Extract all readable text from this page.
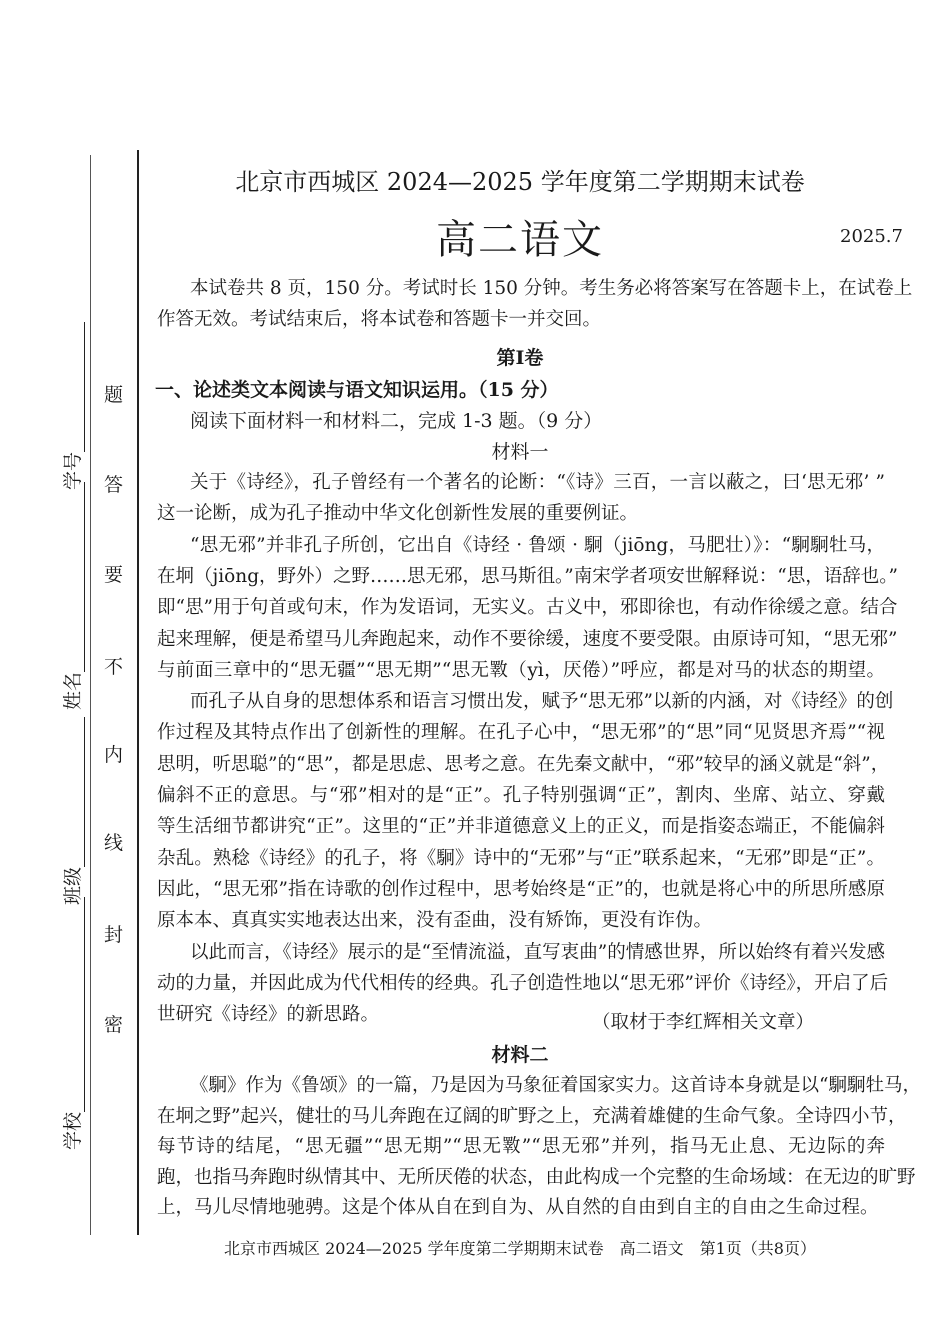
学校
班级
姓名
学号
题
答
要
不
内
线
封
密
北京市西城区 2024—2025 学年度第二学期期末试卷
高二语文	2025.7
本试卷共 8 页，150 分。考试时长 150 分钟。考生务必将答案写在答题卡上，在试卷上
作答无效。考试结束后，将本试卷和答题卡一并交回。
第Ⅰ卷
一、论述类文本阅读与语文知识运用。（15 分）
阅读下面材料一和材料二，完成 1-3 题。（9 分）
材料一
关于《诗经》，孔子曾经有一个著名的论断：“《诗》三百，一言以蔽之，曰‘思无邪’ ”
这一论断，成为孔子推动中华文化创新性发展的重要例证。
“思无邪”并非孔子所创，它出自《诗经 · 鲁颂 · 駉（jiōng，马肥壮）》：“駉駉牡马，
在坰（jiōng，野外）之野……思无邪，思马斯徂。”南宋学者项安世解释说：“思，语辞也。”
即“思”用于句首或句末，作为发语词，无实义。古义中，邪即徐也，有动作徐缓之意。结合
起来理解，便是希望马儿奔跑起来，动作不要徐缓，速度不要受限。由原诗可知，“思无邪”
与前面三章中的“思无疆”“思无期”“思无斁（yì，厌倦）”呼应，都是对马的状态的期望。
而孔子从自身的思想体系和语言习惯出发，赋予“思无邪”以新的内涵，对《诗经》的创
作过程及其特点作出了创新性的理解。在孔子心中，“思无邪”的“思”同“见贤思齐焉”“视
思明，听思聪”的“思”，都是思虑、思考之意。在先秦文献中，“邪”较早的涵义就是“斜”，
偏斜不正的意思。与“邪”相对的是“正”。孔子特别强调“正”，割肉、坐席、站立、穿戴
等生活细节都讲究“正”。这里的“正”并非道德意义上的正义，而是指姿态端正，不能偏斜
杂乱。熟稔《诗经》的孔子，将《駉》诗中的“无邪”与“正”联系起来，“无邪”即是“正”。
因此，“思无邪”指在诗歌的创作过程中，思考始终是“正”的，也就是将心中的所思所感原
原本本、真真实实地表达出来，没有歪曲，没有矫饰，更没有诈伪。
以此而言，《诗经》展示的是“至情流溢，直写衷曲”的情感世界，所以始终有着兴发感
动的力量，并因此成为代代相传的经典。孔子创造性地以“思无邪”评价《诗经》，开启了后
世研究《诗经》的新思路。	（取材于李红辉相关文章）
材料二
《駉》作为《鲁颂》的一篇，乃是因为马象征着国家实力。这首诗本身就是以“駉駉牡马，
在坰之野”起兴，健壮的马儿奔跑在辽阔的旷野之上，充满着雄健的生命气象。全诗四小节，
每节诗的结尾，“思无疆”“思无期”“思无斁”“思无邪”并列，指马无止息、无边际的奔
跑，也指马奔跑时纵情其中、无所厌倦的状态，由此构成一个完整的生命场域：在无边的旷野
上，马儿尽情地驰骋。这是个体从自在到自为、从自然的自由到自主的自由之生命过程。
北京市西城区 2024—2025 学年度第二学期期末试卷　高二语文　第1页（共8页）
